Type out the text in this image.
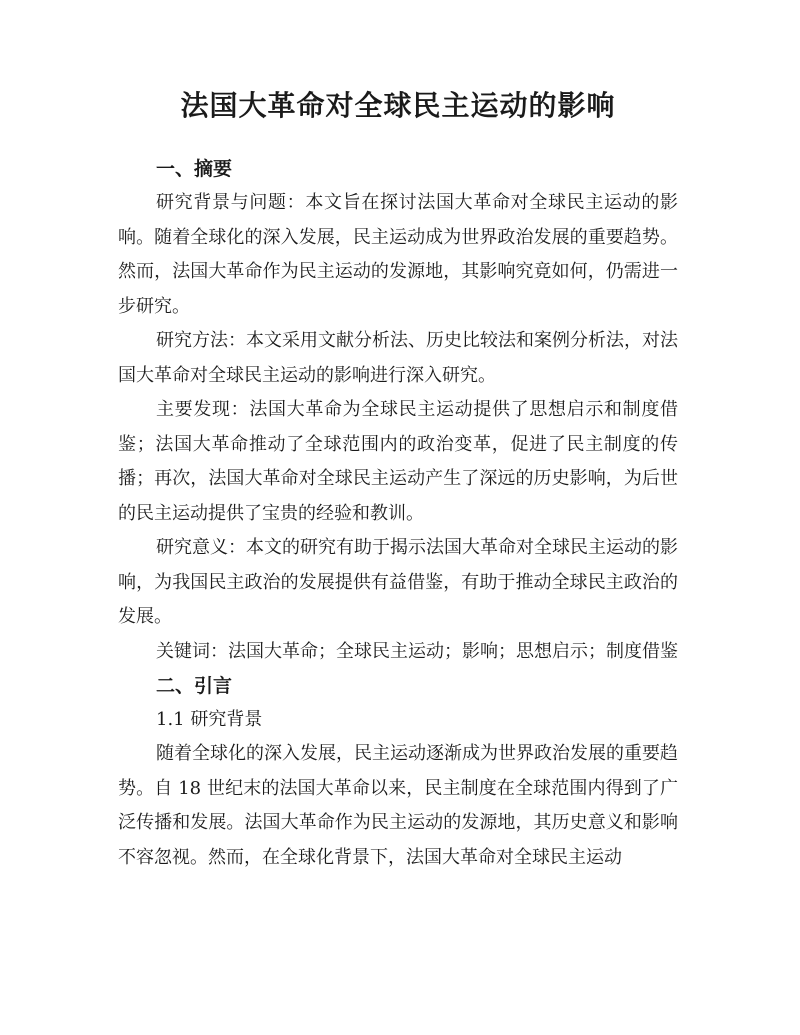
法国大革命对全球民主运动的影响
一、摘要

研究背景与问题：本文旨在探讨法国大革命对全球民主运动的影响。随着全球化的深入发展，民主运动成为世界政治发展的重要趋势。然而，法国大革命作为民主运动的发源地，其影响究竟如何，仍需进一步研究。

研究方法：本文采用文献分析法、历史比较法和案例分析法，对法国大革命对全球民主运动的影响进行深入研究。

主要发现：法国大革命为全球民主运动提供了思想启示和制度借鉴；法国大革命推动了全球范围内的政治变革，促进了民主制度的传播；再次，法国大革命对全球民主运动产生了深远的历史影响，为后世的民主运动提供了宝贵的经验和教训。

研究意义：本文的研究有助于揭示法国大革命对全球民主运动的影响，为我国民主政治的发展提供有益借鉴，有助于推动全球民主政治的发展。

关键词：法国大革命；全球民主运动；影响；思想启示；制度借鉴

二、引言

1.1 研究背景

随着全球化的深入发展，民主运动逐渐成为世界政治发展的重要趋势。自 18 世纪末的法国大革命以来，民主制度在全球范围内得到了广泛传播和发展。法国大革命作为民主运动的发源地，其历史意义和影响不容忽视。然而，在全球化背景下，法国大革命对全球民主运动
